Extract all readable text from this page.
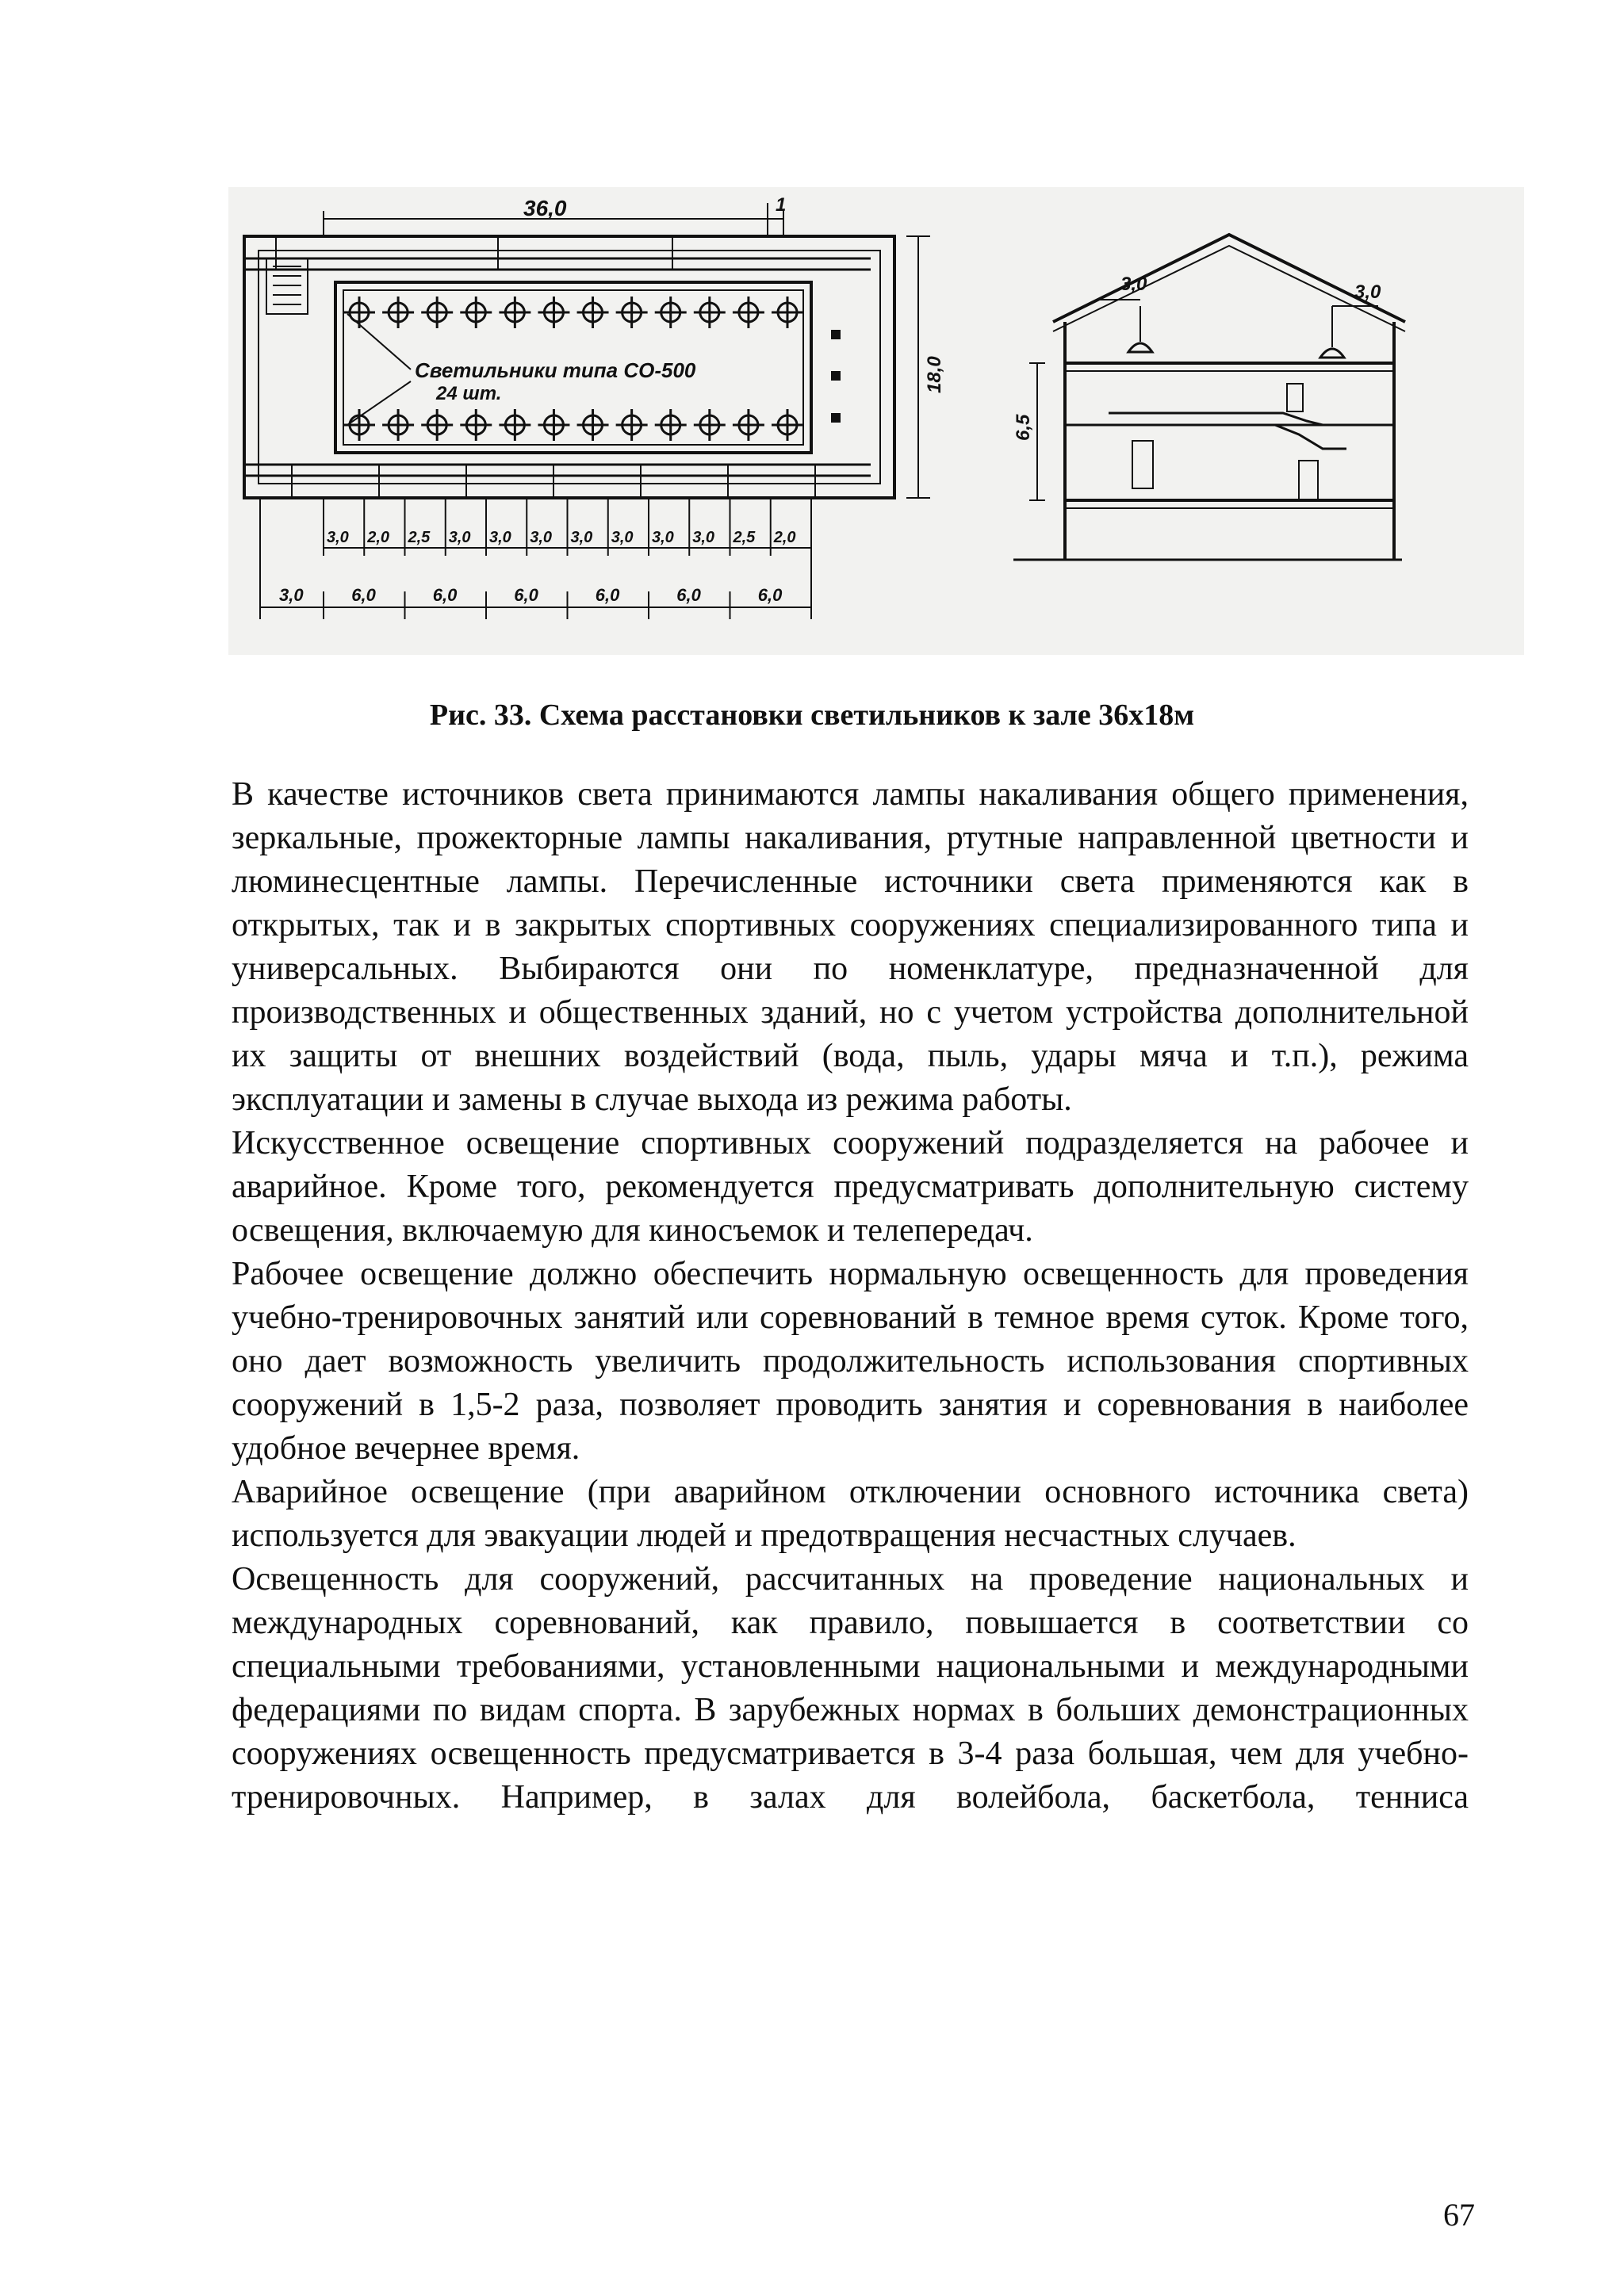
36,0	1
18,0
Светильники типа СО-500
24 шт.
3,0	3,0
6,5
3,0 2,0 2,5 3,0 3,0 3,0 3,0 3,0 3,0 3,0 2,5 2,0
3,0	6,0	6,0	6,0	6,0	6,0	6,0
Рис. 33. Схема расстановки светильников к зале 36х18м

В качестве источников света принимаются лампы накаливания общего применения, зеркальные, прожекторные лампы накаливания, ртутные направленной цветности и люминесцентные лампы. Перечисленные источники света применяются как в открытых, так и в закрытых спортивных сооружениях специализированного типа и универсальных. Выбираются они по номенклатуре, предназначенной для производственных и общественных зданий, но с учетом устройства дополнительной их защиты от внешних воздействий (вода, пыль, удары мяча и т.п.), режима эксплуатации и замены в случае выхода из режима работы.

Искусственное освещение спортивных сооружений подразделяется на рабочее и аварийное. Кроме того, рекомендуется предусматривать дополнительную систему освещения, включаемую для киносъемок и телепередач.

Рабочее освещение должно обеспечить нормальную освещенность для проведения учебно-тренировочных занятий или соревнований в темное время суток. Кроме того, оно дает возможность увеличить продолжительность использования спортивных сооружений в 1,5-2 раза, позволяет проводить занятия и соревнования в наиболее удобное вечернее время.

Аварийное освещение (при аварийном отключении основного источника света) используется для эвакуации людей и предотвращения несчастных случаев.

Освещенность для сооружений, рассчитанных на проведение национальных и международных соревнований, как правило, повышается в соответствии со специальными требованиями, установленными национальными и международными федерациями по видам спорта. В зарубежных нормах в больших демонстрационных сооружениях освещенность предусматривается в 3-4 раза большая, чем для учебно-тренировочных. Например, в залах для волейбола, баскетбола, тенниса

67
